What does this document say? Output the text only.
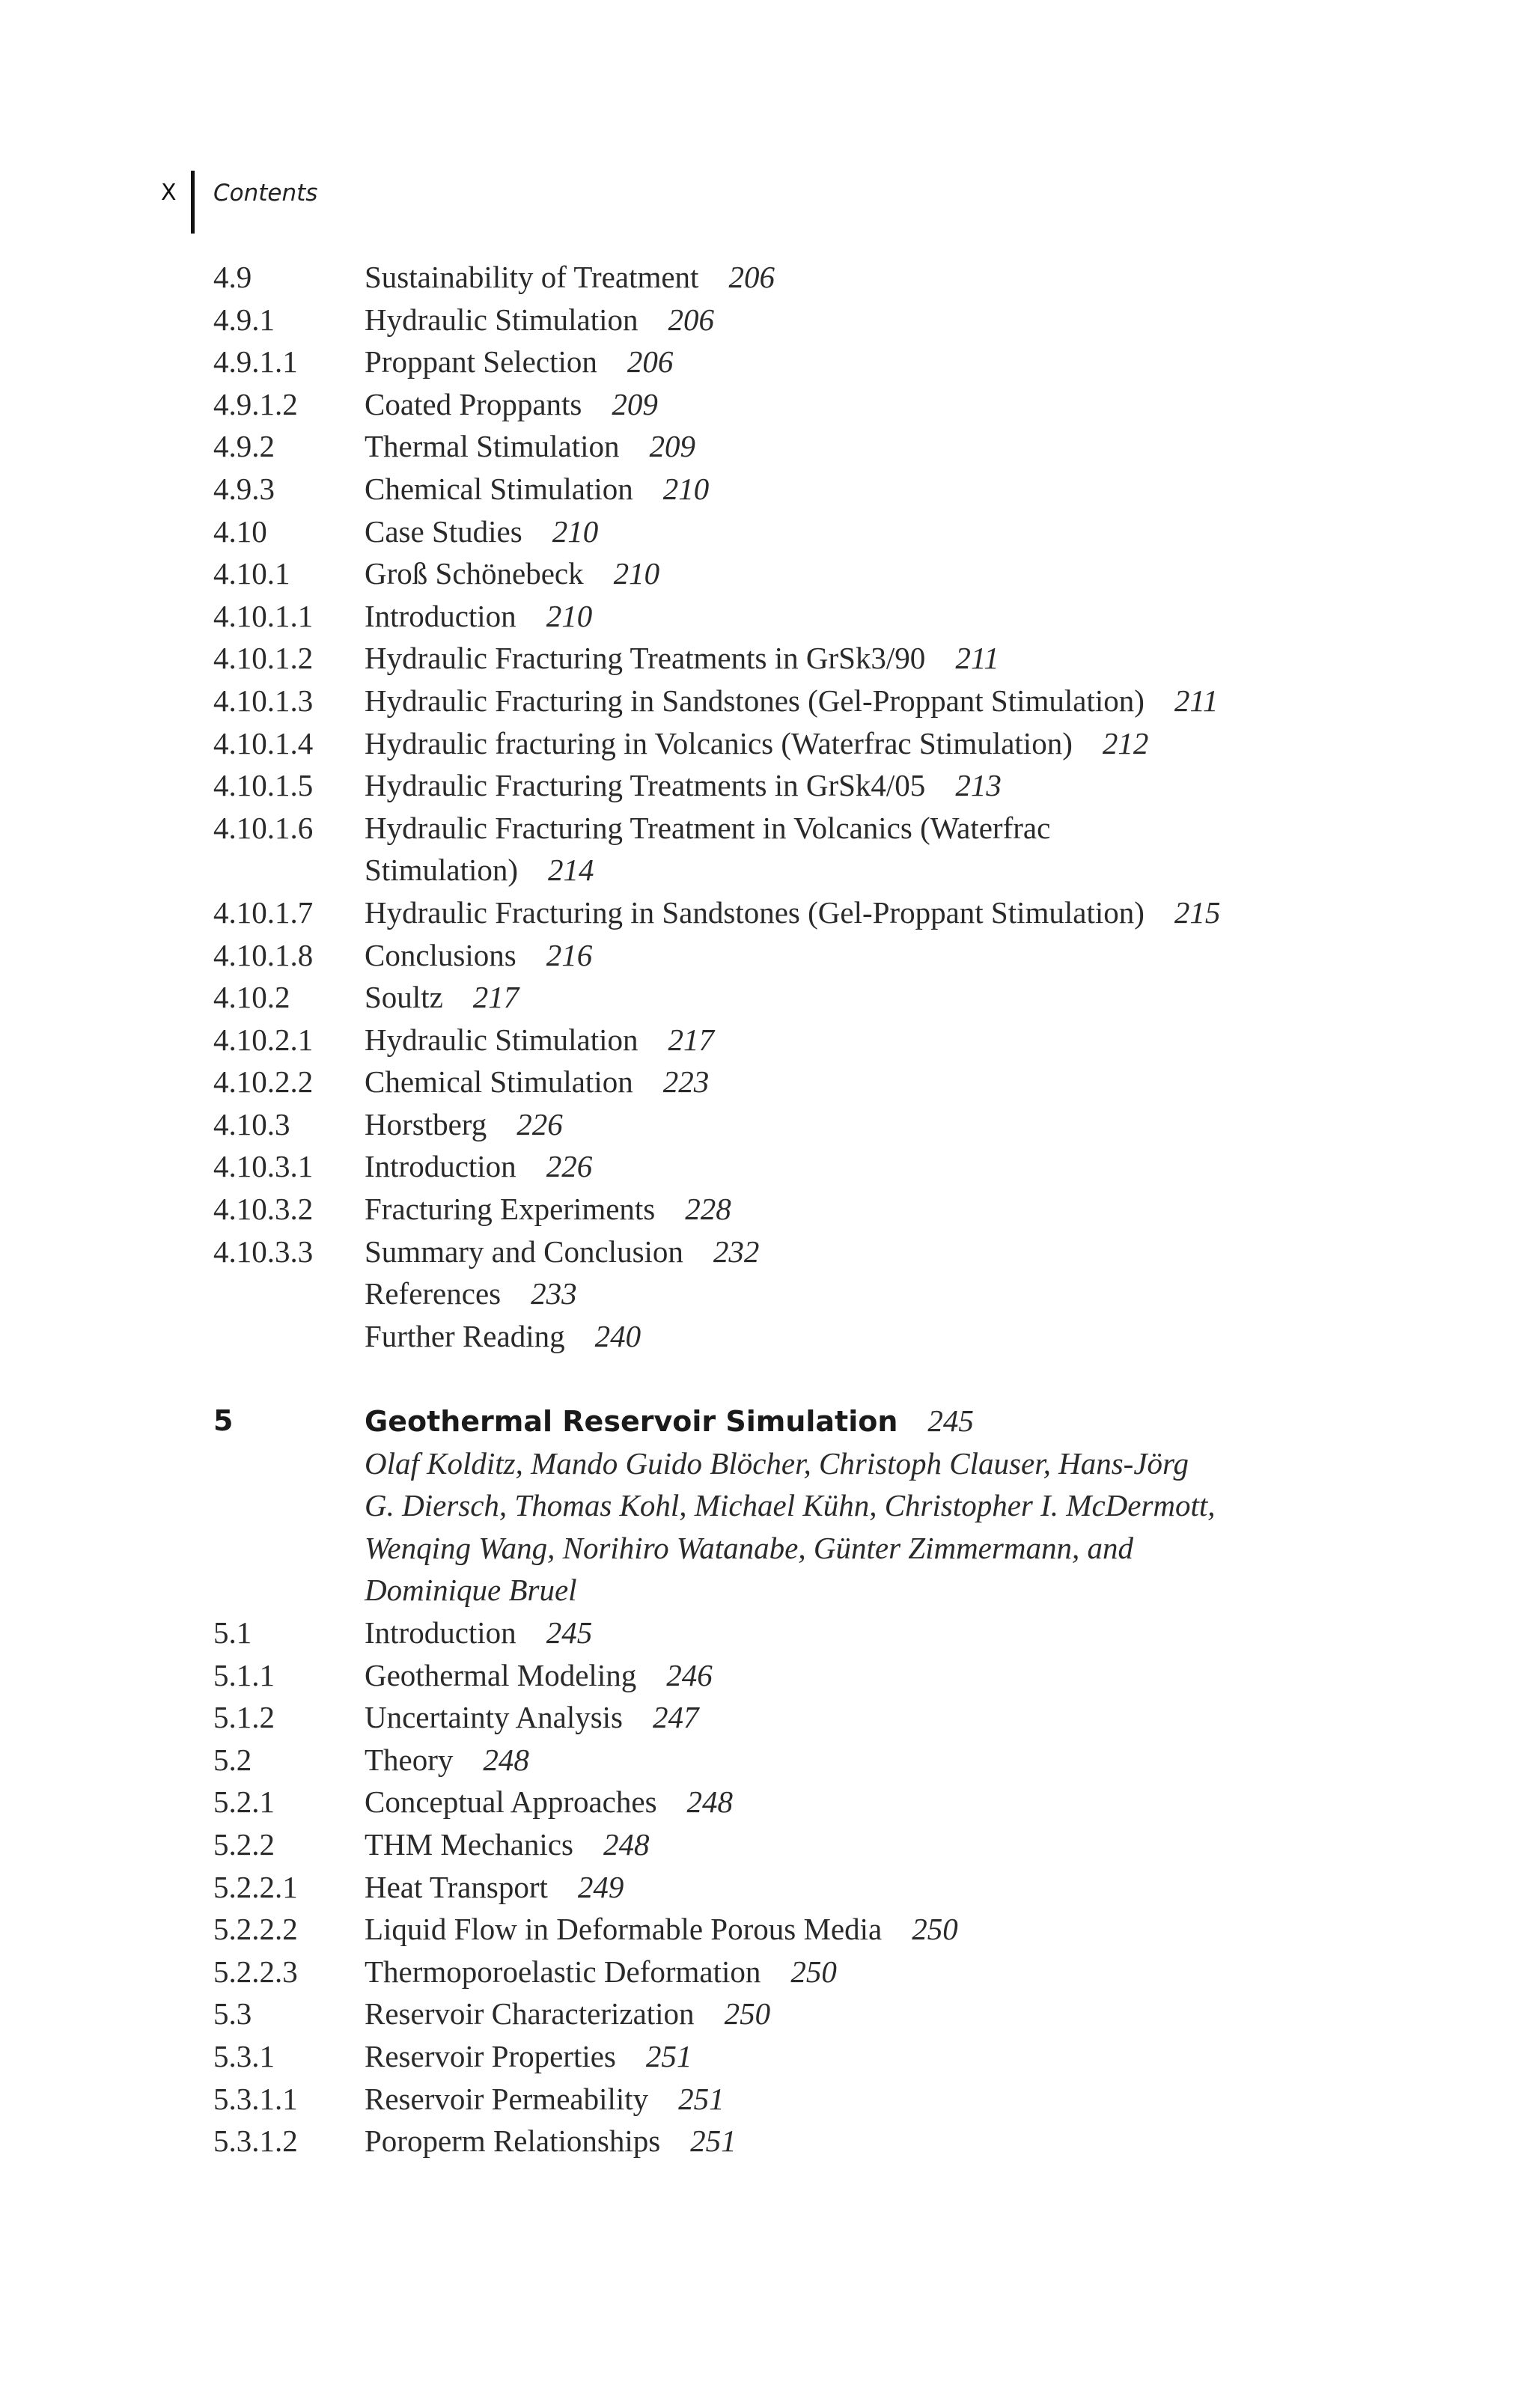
X Contents
4.9	Sustainability of Treatment 206
4.9.1	Hydraulic Stimulation 206
4.9.1.1 Proppant Selection 206
4.9.1.2 Coated Proppants 209
4.9.2	Thermal Stimulation 209
4.9.3	Chemical Stimulation 210
4.10	Case Studies 210
4.10.1 Groß Schönebeck 210
4.10.1.1 Introduction 210
4.10.1.2 Hydraulic Fracturing Treatments in GrSk3/90 211
4.10.1.3 Hydraulic Fracturing in Sandstones (Gel-Proppant Stimulation) 211
4.10.1.4 Hydraulic fracturing in Volcanics (Waterfrac Stimulation) 212
4.10.1.5 Hydraulic Fracturing Treatments in GrSk4/05 213
4.10.1.6 Hydraulic Fracturing Treatment in Volcanics (Waterfrac
Stimulation) 214
4.10.1.7 Hydraulic Fracturing in Sandstones (Gel-Proppant Stimulation) 215
4.10.1.8 Conclusions 216
4.10.2 Soultz 217
4.10.2.1 Hydraulic Stimulation 217
4.10.2.2 Chemical Stimulation 223
4.10.3 Horstberg 226
4.10.3.1 Introduction 226
4.10.3.2 Fracturing Experiments 228
4.10.3.3 Summary and Conclusion 232
References 233
Further Reading 240
5	Geothermal Reservoir Simulation 245
Olaf Kolditz, Mando Guido Blöcher, Christoph Clauser, Hans-Jörg
G. Diersch, Thomas Kohl, Michael Kühn, Christopher I. McDermott,
Wenqing Wang, Norihiro Watanabe, Günter Zimmermann, and
Dominique Bruel
5.1	Introduction 245
5.1.1	Geothermal Modeling 246
5.1.2	Uncertainty Analysis 247
5.2	Theory 248
5.2.1	Conceptual Approaches 248
5.2.2	THM Mechanics 248
5.2.2.1 Heat Transport 249
5.2.2.2 Liquid Flow in Deformable Porous Media 250
5.2.2.3 Thermoporoelastic Deformation 250
5.3	Reservoir Characterization 250
5.3.1	Reservoir Properties 251
5.3.1.1 Reservoir Permeability 251
5.3.1.2 Poroperm Relationships 251
